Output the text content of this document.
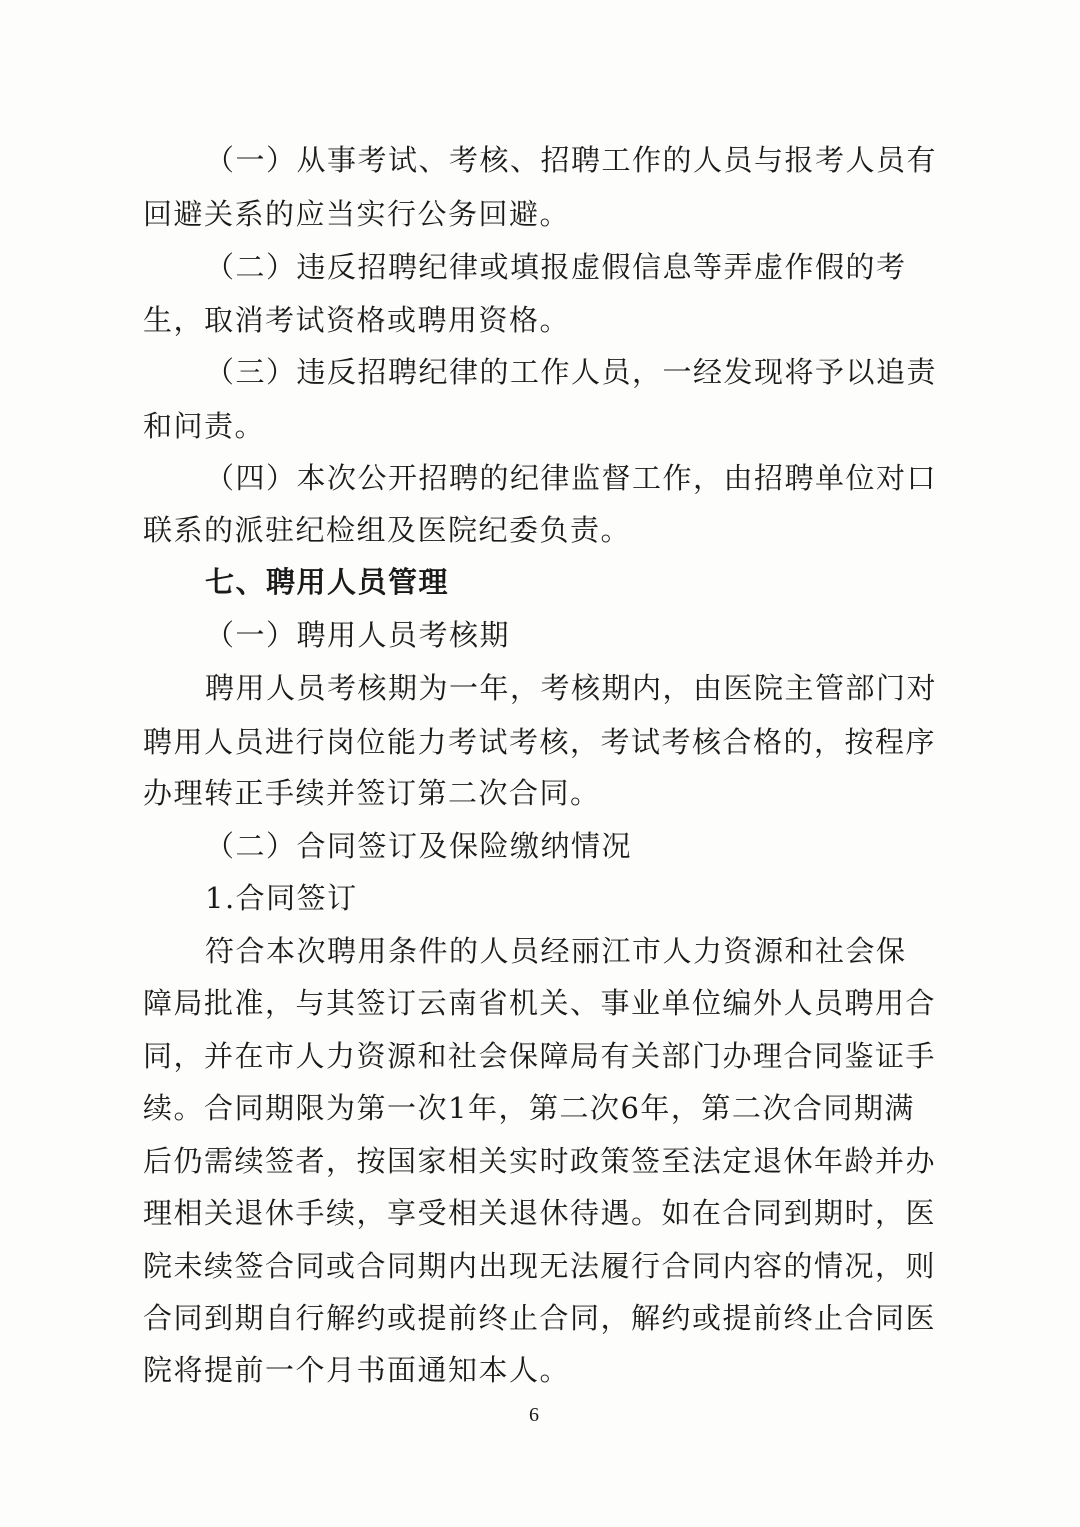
（一）从事考试、考核、招聘工作的人员与报考人员有
回避关系的应当实行公务回避。
（二）违反招聘纪律或填报虚假信息等弄虚作假的考
生，取消考试资格或聘用资格。
（三）违反招聘纪律的工作人员，一经发现将予以追责
和问责。
（四）本次公开招聘的纪律监督工作，由招聘单位对口
联系的派驻纪检组及医院纪委负责。
七、聘用人员管理
（一）聘用人员考核期
聘用人员考核期为一年，考核期内，由医院主管部门对
聘用人员进行岗位能力考试考核，考试考核合格的，按程序
办理转正手续并签订第二次合同。
（二）合同签订及保险缴纳情况
1.合同签订
符合本次聘用条件的人员经丽江市人力资源和社会保
障局批准，与其签订云南省机关、事业单位编外人员聘用合
同，并在市人力资源和社会保障局有关部门办理合同鉴证手
续。合同期限为第一次1年，第二次6年，第二次合同期满
后仍需续签者，按国家相关实时政策签至法定退休年龄并办
理相关退休手续，享受相关退休待遇。如在合同到期时，医
院未续签合同或合同期内出现无法履行合同内容的情况，则
合同到期自行解约或提前终止合同，解约或提前终止合同医
院将提前一个月书面通知本人。
6
